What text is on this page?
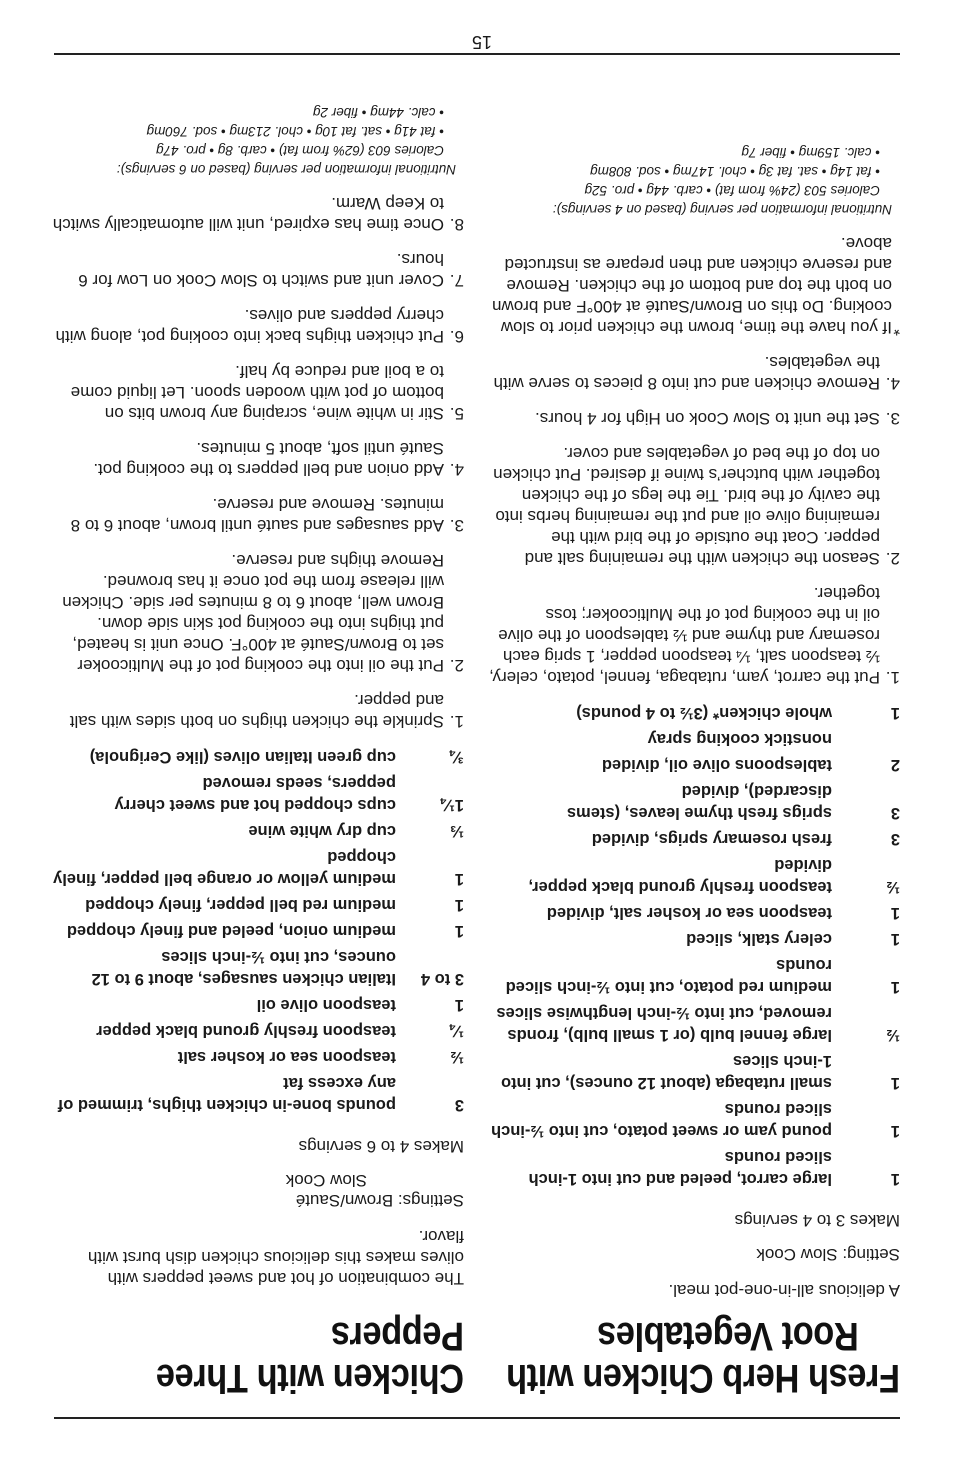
Fresh Herb Chicken with
Root Vegetables

A delicious all-in-one-pot meal.

Setting: Slow Cook
Makes 3 to 4 servings
1
large carrot, peeled and cut into 1-inch sliced rounds
1
pound yam or sweet potato, cut into ½-inch sliced rounds
1
small rutabaga (about 12 ounces), cut into 1-inch slices
½
large fennel bulb (or 1 small bulb), fronds removed, cut into ½-inch lengthwise slices
1
medium red potato, cut into ½-inch sliced rounds
1
celery stalk, sliced
1
teaspoon sea or kosher salt, divided
½
teaspoon freshly ground black pepper, divided
3
fresh rosemary sprigs, divided
3
sprigs fresh thyme leaves, (stems discarded), divided
2
tablespoons olive oil, divided
nonstick cooking spray
1
whole chicken* (3½ to 4 pounds)
1.
Put the carrot, yam, rutabaga, fennel, potato, celery, ½ teaspoon salt, ¼ teaspoon pepper, 1 sprig each rosemary and thyme and ½ tablespoon of the olive oil in the cooking pot of the Multicooker; toss together.
2.
Season the chicken with the remaining salt and pepper. Coat the outside of the bird with the remaining olive oil and put the remaining herbs into the cavity of the bird. Tie the legs of the chicken together with butcher’s twine if desired. Put chicken on top of the bed of vegetables and cover.
3.
Set the unit to Slow Cook on High for 4 hours.
4.
Remove chicken and cut into 8 pieces to serve with the vegetables.
*
If you have the time, brown the chicken prior to slow cooking. Do this on Brown/Sauté at 400°F and brown on both the top and bottom of the chicken. Remove and reserve chicken and then prepare as instructed above.
Nutritional information per serving (based on 4 servings):
Calories 503 (24% from fat) • carb. 44g • pro. 52g
• fat 14g • sat. fat 3g • chol. 147mg • sod. 808mg
• calc. 159mg • fiber 7g
Chicken with Three Peppers

The combination of hot and sweet peppers with olives makes this delicious chicken dish burst with flavor.

Settings: Brown/Sauté
Slow Cook
Makes 4 to 6 servings
3
pounds bone-in chicken thighs, trimmed of any excess fat
½
teaspoon sea or kosher salt
¼
teaspoon freshly ground black pepper
1
teaspoon olive oil
3 to 4
Italian chicken sausages, about 9 to 12 ounces, cut into ½-inch slices
1
medium onion, peeled and finely chopped
1
medium red bell pepper, finely chopped
1
medium yellow or orange bell pepper, finely chopped
⅓
cup dry white wine
1¼
cups chopped hot and sweet cherry peppers, seeds removed
¾
cup green Italian olives (like Cerignola)
1.
Sprinkle the chicken thighs on both sides with salt and pepper.
2.
Put the oil into the cooking pot of the Multicooker set to Brown/Sauté at 400°F. Once unit is heated, put thighs into the cooking pot skin side down. Brown well, about 6 to 8 minutes per side. Chicken will release from the pot once it has browned. Remove thighs and reserve.
3.
Add sausages and sauté until brown, about 6 to 8 minutes. Remove and reserve.
4.
Add onion and bell peppers to the cooking pot. Sauté until soft, about 5 minutes.
5.
Stir in white wine, scraping any brown bits on bottom of pot with wooden spoon. Let liquid come to a boil and reduce by half.
6.
Put chicken thighs back into cooking pot, along with cherry peppers and olives.
7.
Cover unit and switch to Slow Cook on Low for 6 hours.
8.
Once time has expired, unit will automatically switch to Keep Warm.
Nutritional information per serving (based on 6 servings):
Calories 603 (62% from fat) • carb. 8g • pro. 47g
• fat 41g • sat. fat 10g • chol. 213mg • sod. 760mg
• calc. 44mg • fiber 2g
15
